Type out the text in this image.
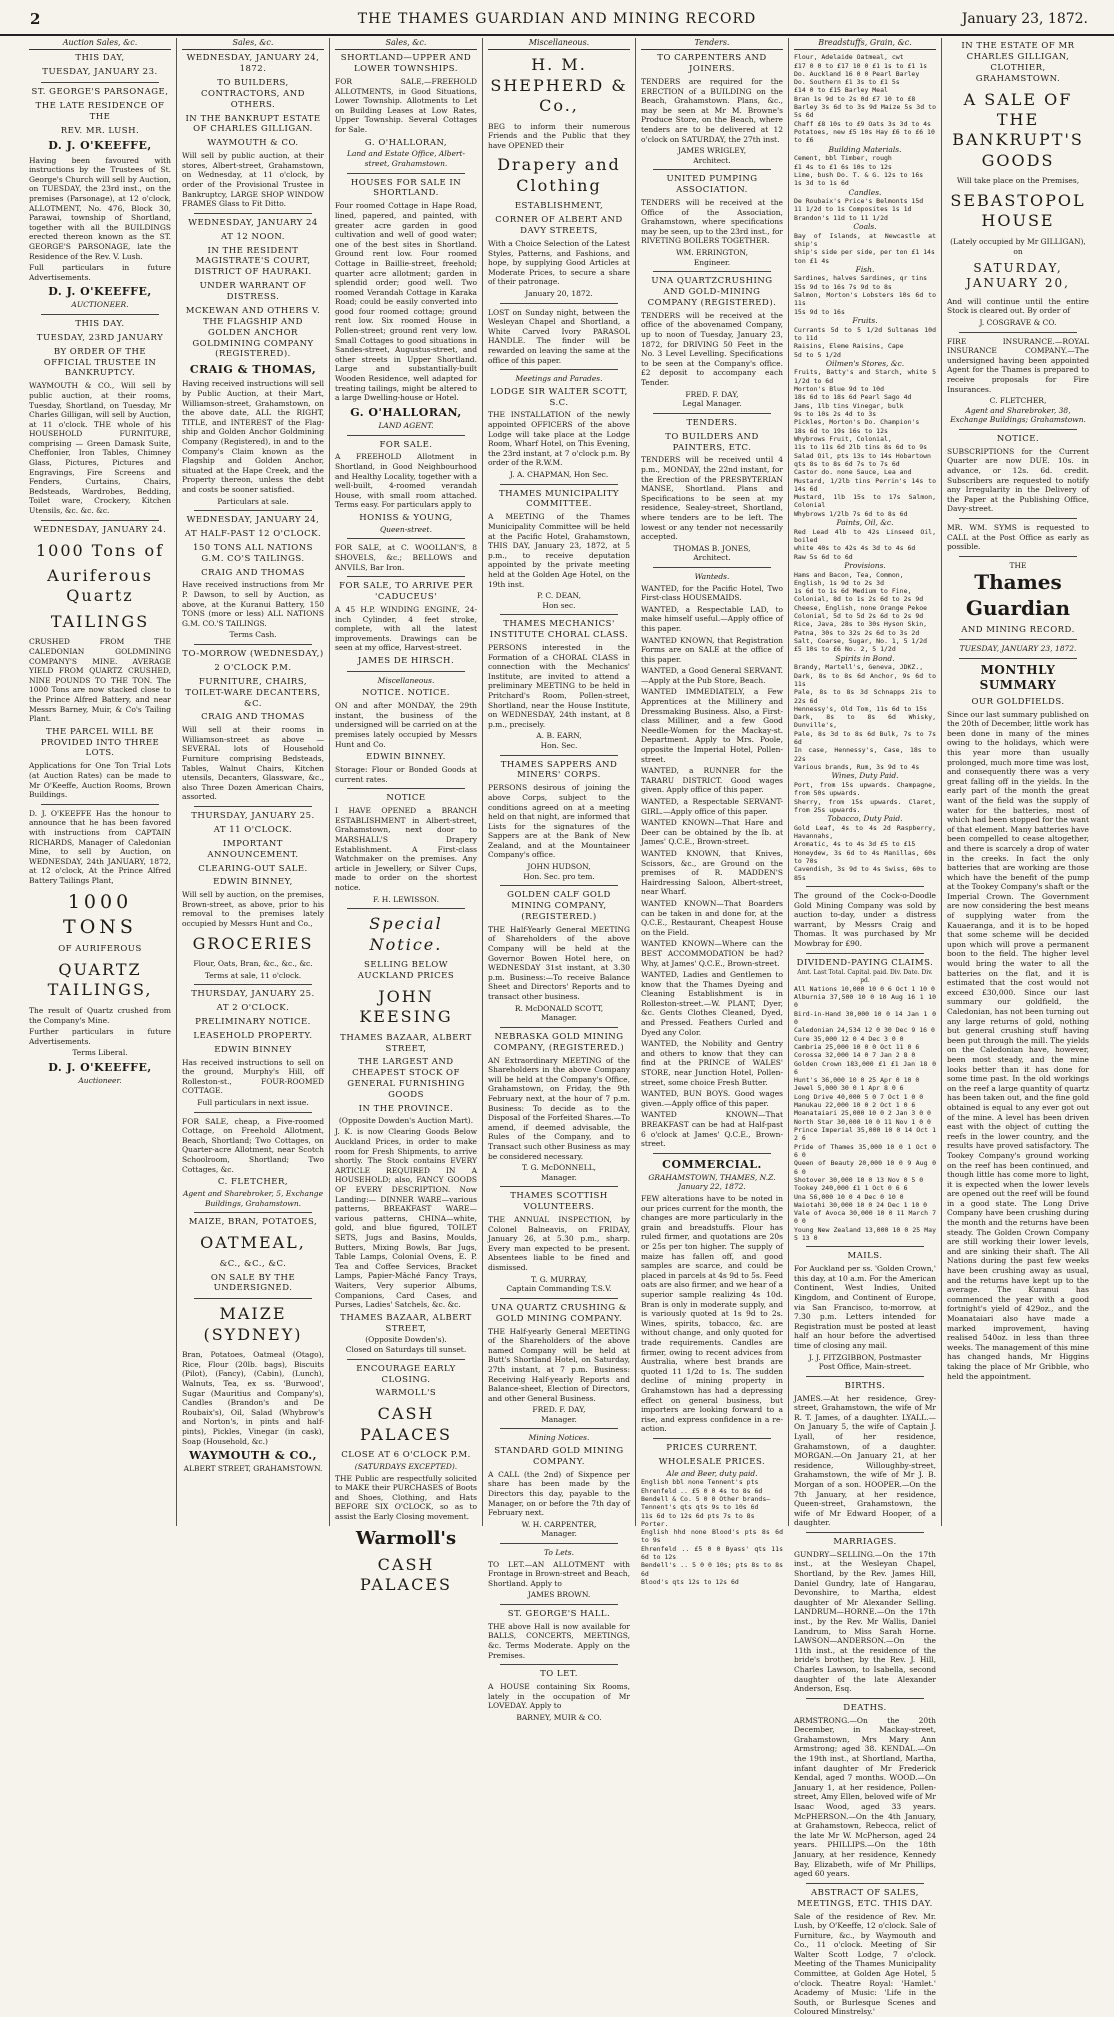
2	THE THAMES GUARDIAN AND MINING RECORD	January 23, 1872.
Auction Sales, &c.
THIS DAY,
TUESDAY, JANUARY 23.
ST. GEORGE'S PARSONAGE,
THE LATE RESIDENCE OF THE
REV. MR. LUSH.
D. J. O'KEEFFE,

Having been favoured with instructions by the Trustees of St. George's Church will sell by Auction, on TUESDAY, the 23rd inst., on the premises (Parsonage), at 12 o'clock, ALLOTMENT, No. 476, Block 30, Parawai, township of Shortland, together with all the BUILDINGS erected thereon known as the ST. GEORGE'S PARSONAGE, late the Residence of the Rev. V. Lush.

Full particulars in future Advertisements.

D. J. O'KEEFFE,
AUCTIONEER.
THIS DAY.
TUESDAY, 23RD JANUARY
BY ORDER OF THE OFFICIAL TRUSTEE IN BANKRUPTCY.

WAYMOUTH & CO., Will sell by public auction, at their rooms, Tuesday, Shortland, on Tuesday, Mr Charles Gilligan, will sell by Auction, at 11 o'clock. THE whole of his HOUSEHOLD FURNITURE, comprising — Green Damask Suite, Cheffonier, Iron Tables, Chimney Glass, Pictures, Pictures and Engravings, Fire Screens and Fenders, Curtains, Chairs, Bedsteads, Wardrobes, Bedding, Toilet ware, Crockery, Kitchen Utensils, &c. &c. &c.

WEDNESDAY, JANUARY 24.
1000 Tons of
Auriferous Quartz
TAILINGS

CRUSHED FROM THE CALEDONIAN GOLDMINING COMPANY'S MINE. AVERAGE YIELD FROM QUARTZ CRUSHED, NINE POUNDS TO THE TON. The 1000 Tons are now stacked close to the Prince Alfred Battery, and near Messrs Barney, Muir, & Co's Tailing Plant.

THE PARCEL WILL BE PROVIDED INTO THREE LOTS.

Applications for One Ton Trial Lots (at Auction Rates) can be made to Mr O'Keeffe, Auction Rooms, Brown Buildings.

D. J. O'KEEFFE Has the honour to announce that he has been favored with instructions from CAPTAIN RICHARDS, Manager of Caledonian Mine, to sell by Auction, on WEDNESDAY, 24th JANUARY, 1872, at 12 o'clock, At the Prince Alfred Battery Tailings Plant,

1000 TONS
OF AURIFEROUS
QUARTZ TAILINGS,

The result of Quartz crushed from the Company's Mine.

Further particulars in future Advertisements.

Terms Liberal.
D. J. O'KEEFFE,
Auctioneer.
Sales, &c.
WEDNESDAY, JANUARY 24, 1872.
TO BUILDERS, CONTRACTORS, AND OTHERS.
IN THE BANKRUPT ESTATE OF CHARLES GILLIGAN.
WAYMOUTH & CO.

Will sell by public auction, at their stores, Albert-street, Grahamstown, on Wednesday, at 11 o'clock, by order of the Provisional Trustee in Bankruptcy, LARGE SHOP WINDOW FRAMES Glass to Fit Ditto.

WEDNESDAY, JANUARY 24
AT 12 NOON.
IN THE RESIDENT MAGISTRATE'S COURT, DISTRICT OF HAURAKI.
UNDER WARRANT OF DISTRESS.
MCKEWAN AND OTHERS V. THE FLAGSHIP AND GOLDEN ANCHOR GOLDMINING COMPANY (REGISTERED).
CRAIG & THOMAS,

Having received instructions will sell by Public Auction, at their Mart, Williamson-street, Grahamstown, on the above date, ALL the RIGHT, TITLE, and INTEREST of the Flag-ship and Golden Anchor Goldmining Company (Registered), in and to the Company's Claim known as the Flagship and Golden Anchor, situated at the Hape Creek, and the Property thereon, unless the debt and costs be sooner satisfied.

Particulars at sale.
WEDNESDAY, JANUARY 24,
AT HALF-PAST 12 O'CLOCK.
150 TONS ALL NATIONS G.M. CO'S TAILINGS.
CRAIG AND THOMAS

Have received instructions from Mr P. Dawson, to sell by Auction, as above, at the Kuranui Battery, 150 TONS (more or less) ALL NATIONS G.M. CO.'S TAILINGS.

Terms Cash.
TO-MORROW (WEDNESDAY,)
2 O'CLOCK P.M.
FURNITURE, CHAIRS, TOILET-WARE DECANTERS, &C.
CRAIG AND THOMAS

Will sell at their rooms in Williamson-street as above — SEVERAL lots of Household Furniture comprising Bedsteads, Tables, Walnut Chairs, Kitchen utensils, Decanters, Glassware, &c., also Three Dozen American Chairs, assorted.

THURSDAY, JANUARY 25.
AT 11 O'CLOCK.
IMPORTANT ANNOUNCEMENT.
CLEARING-OUT SALE.
EDWIN BINNEY,

Will sell by auction, on the premises, Brown-street, as above, prior to his removal to the premises lately occupied by Messrs Hunt and Co.,

GROCERIES

Flour, Oats, Bran, &c., &c., &c.

Terms at sale, 11 o'clock.
THURSDAY, JANUARY 25.
AT 2 O'CLOCK.
PRELIMINARY NOTICE.
LEASEHOLD PROPERTY.
EDWIN BINNEY

Has received instructions to sell on the ground, Murphy's Hill, off Rolleston-st., FOUR-ROOMED COTTAGE.

Full particulars in next issue.

FOR SALE, cheap, a Five-roomed Cottage, on Freehold Allotment, Beach, Shortland; Two Cottages, on Quarter-acre Allotment, near Scotch Schoolroom, Shortland; Two Cottages, &c.

C. FLETCHER,
Agent and Sharebroker, 5, Exchange Buildings, Grahamstown.
MAIZE, BRAN, POTATOES,
OATMEAL,
&C., &C., &C.
ON SALE BY THE UNDERSIGNED.
MAIZE (SYDNEY)

Bran, Potatoes, Oatmeal (Otago), Rice, Flour (20lb. bags), Biscuits (Pilot), (Fancy), (Cabin), (Lunch), Walnuts, Tea, ex ss. 'Burwood', Sugar (Mauritius and Company's), Candles (Brandon's and De Roubaix's), Oil, Salad (Whybrow's and Norton's, in pints and half-pints), Pickles, Vinegar (in cask), Soap (Household, &c.)

WAYMOUTH & CO.,
ALBERT STREET, GRAHAMSTOWN.
Sales, &c.
SHORTLAND—UPPER AND LOWER TOWNSHIPS.

FOR SALE,—FREEHOLD ALLOTMENTS, in Good Situations, Lower Township. Allotments to Let on Building Leases at Low Rates, Upper Township. Several Cottages for Sale.

G. O'HALLORAN,
Land and Estate Office, Albert-street, Grahamstown.
HOUSES FOR SALE IN SHORTLAND.

Four roomed Cottage in Hape Road, lined, papered, and painted, with greater acre garden in good cultivation and well of good water; one of the best sites in Shortland. Ground rent low. Four roomed Cottage in Baillie-street, freehold; quarter acre allotment; garden in splendid order; good well. Two roomed Verandah Cottage in Karaka Road; could be easily converted into good four roomed cottage; ground rent low. Six roomed House in Pollen-street; ground rent very low. Small Cottages to good situations in Sandes-street, Augustus-street, and other streets in Upper Shortland. Large and substantially-built Wooden Residence, well adapted for treating tailings, might be altered to a large Dwelling-house or Hotel.

G. O'HALLORAN,
LAND AGENT.
FOR SALE.

A FREEHOLD Allotment in Shortland, in Good Neighbourhood and Healthy Locality, together with a well-built, 4-roomed verandah House, with small room attached. Terms easy. For particulars apply to

HONISS & YOUNG,
Queen-street.

FOR SALE, at C. WOOLLAN'S, 8 SHOVELS, &c.; BELLOWS and ANVILS, Bar Iron.

FOR SALE, TO ARRIVE PER 'CADUCEUS'

A 45 H.P. WINDING ENGINE, 24-inch Cylinder, 4 feet stroke, complete, with all the latest improvements. Drawings can be seen at my office, Harvest-street.

JAMES DE HIRSCH.
Miscellaneous.
NOTICE. NOTICE.

ON and after MONDAY, the 29th instant, the business of the undersigned will be carried on at the premises lately occupied by Messrs Hunt and Co.

EDWIN BINNEY.

Storage: Flour or Bonded Goods at current rates.

NOTICE

I HAVE OPENED a BRANCH ESTABLISHMENT in Albert-street, Grahamstown, next door to MARSHALL'S Drapery Establishment. A First-class Watchmaker on the premises. Any article in Jewellery, or Silver Cups, made to order on the shortest notice.

F. H. LEWISSON.
Special Notice.
SELLING BELOW AUCKLAND PRICES
JOHN KEESING
THAMES BAZAAR, ALBERT STREET,
THE LARGEST AND CHEAPEST STOCK OF GENERAL FURNISHING GOODS
IN THE PROVINCE.
(Opposite Dowden's Auction Mart).

J. K. is now Clearing Goods Below Auckland Prices, in order to make room for Fresh Shipments, to arrive shortly. The Stock contains EVERY ARTICLE REQUIRED IN A HOUSEHOLD; also, FANCY GOODS OF EVERY DESCRIPTION. Now Landing:— DINNER WARE—various patterns, BREAKFAST WARE—various patterns, CHINA—white, gold, and blue figured, TOILET SETS, Jugs and Basins, Moulds, Butters, Mixing Bowls, Bar Jugs, Table Lamps, Colonial Ovens, E. P. Tea and Coffee Services, Bracket Lamps, Papier-Mâché Fancy Trays, Waiters, Very superior Albums, Companions, Card Cases, and Purses, Ladies' Satchels, &c. &c.

THAMES BAZAAR, ALBERT STREET,
(Opposite Dowden's).
Closed on Saturdays till sunset.
ENCOURAGE EARLY CLOSING.
WARMOLL'S
CASH PALACES
CLOSE AT 6 O'CLOCK P.M.
(SATURDAYS EXCEPTED).

THE Public are respectfully solicited to MAKE their PURCHASES of Boots and Shoes, Clothing, and Hats BEFORE SIX O'CLOCK, so as to assist the Early Closing movement.

Warmoll's
CASH PALACES
Miscellaneous.
H. M. SHEPHERD & Co.,

BEG to inform their numerous Friends and the Public that they have OPENED their

Drapery and Clothing
ESTABLISHMENT,
CORNER OF ALBERT AND DAVY STREETS,

With a Choice Selection of the Latest Styles, Patterns, and Fashions, and hope, by supplying Good Articles at Moderate Prices, to secure a share of their patronage.

January 20, 1872.

LOST on Sunday night, between the Wesleyan Chapel and Shortland, a White Carved Ivory PARASOL HANDLE. The finder will be rewarded on leaving the same at the office of this paper.

Meetings and Parades.
LODGE SIR WALTER SCOTT, S.C.

THE INSTALLATION of the newly appointed OFFICERS of the above Lodge will take place at the Lodge Room, Wharf Hotel, on This Evening, the 23rd instant, at 7 o'clock p.m. By order of the R.W.M.

J. A. CHAPMAN, Hon Sec.
THAMES MUNICIPALITY COMMITTEE.

A MEETING of the Thames Municipality Committee will be held at the Pacific Hotel, Grahamstown, THIS DAY, January 23, 1872, at 5 p.m., to receive deputation appointed by the private meeting held at the Golden Age Hotel, on the 19th inst.

P. C. DEAN,
Hon sec.
THAMES MECHANICS' INSTITUTE CHORAL CLASS.

PERSONS interested in the Formation of a CHORAL CLASS in connection with the Mechanics' Institute, are invited to attend a preliminary MEETING to be held in Pritchard's Room, Pollen-street, Shortland, near the House Institute, on WEDNESDAY, 24th instant, at 8 p.m., precisely.

A. B. EARN,
Hon. Sec.
THAMES SAPPERS AND MINERS' CORPS.

PERSONS desirous of joining the above Corps, subject to the conditions agreed on at a meeting held on that night, are informed that Lists for the signatures of the Sappers are at the Bank of New Zealand, and at the Mountaineer Company's office.

JOHN HUDSON,
Hon. Sec. pro tem.
GOLDEN CALF GOLD MINING COMPANY, (REGISTERED.)

THE Half-Yearly General MEETING of Shareholders of the above Company will be held at the Governor Bowen Hotel here, on WEDNESDAY 31st instant, at 3.30 p.m. Business:—To receive Balance Sheet and Directors' Reports and to transact other business.

R. McDONALD SCOTT,
Manager.
NEBRASKA GOLD MINING COMPANY, (REGISTERED.)

AN Extraordinary MEETING of the Shareholders in the above Company will be held at the Company's Office, Grahamstown, on Friday, the 9th February next, at the hour of 7 p.m. Business: To decide as to the Disposal of the Forfeited Shares.—To amend, if deemed advisable, the Rules of the Company, and to Transact such other Business as may be considered necessary.

T. G. McDONNELL,
Manager.
THAMES SCOTTISH VOLUNTEERS.

THE ANNUAL INSPECTION, by Colonel Balneavis, on FRIDAY, January 26, at 5.30 p.m., sharp. Every man expected to be present. Absentees liable to be fined and dismissed.

T. G. MURRAY,
Captain Commanding T.S.V.
UNA QUARTZ CRUSHING & GOLD MINING COMPANY.

THE Half-yearly General MEETING of the Shareholders of the above named Company will be held at Butt's Shortland Hotel, on Saturday, 27th instant, at 7 p.m. Business: Receiving Half-yearly Reports and Balance-sheet, Election of Directors, and other General Business.

FRED. F. DAY,
Manager.
Mining Notices.
STANDARD GOLD MINING COMPANY.

A CALL (the 2nd) of Sixpence per share has been made by the Directors this day, payable to the Manager, on or before the 7th day of February next.

W. H. CARPENTER,
Manager.
To Lets.

TO LET.—AN ALLOTMENT with Frontage in Brown-street and Beach, Shortland. Apply to

JAMES BROWN.
ST. GEORGE'S HALL.

THE above Hall is now available for BALLS, CONCERTS, MEETINGS, &c. Terms Moderate. Apply on the Premises.

TO LET.

A HOUSE containing Six Rooms, lately in the occupation of Mr LOVEDAY. Apply to

BARNEY, MUIR & CO.
Tenders.
TO CARPENTERS AND JOINERS.

TENDERS are required for the ERECTION of a BUILDING on the Beach, Grahamstown. Plans, &c., may be seen at Mr M. Browne's Produce Store, on the Beach, where tenders are to be delivered at 12 o'clock on SATURDAY, the 27th inst.

JAMES WRIGLEY,
Architect.
UNITED PUMPING ASSOCIATION.

TENDERS will be received at the Office of the Association, Grahamstown, where specifications may be seen, up to the 23rd inst., for RIVETING BOILERS TOGETHER.

WM. ERRINGTON,
Engineer.
UNA QUARTZCRUSHING AND GOLD-MINING COMPANY (REGISTERED).

TENDERS will be received at the office of the abovenamed Company, up to noon of Tuesday, January 23, 1872, for DRIVING 50 Feet in the No. 3 Level Levelling. Specifications to be seen at the Company's office. £2 deposit to accompany each Tender.

FRED. F. DAY,
Legal Manager.
TENDERS.
TO BUILDERS AND PAINTERS, ETC.

TENDERS will be received until 4 p.m., MONDAY, the 22nd instant, for the Erection of the PRESBYTERIAN MANSE, Shortland. Plans and Specifications to be seen at my residence, Sealey-street, Shortland, where tenders are to be left. The lowest or any tender not necessarily accepted.

THOMAS B. JONES,
Architect.
Wanteds.

WANTED, for the Pacific Hotel, Two First-class HOUSEMAIDS.

WANTED, a Respectable LAD, to make himself useful.—Apply office of this paper.

WANTED KNOWN, that Registration Forms are on SALE at the office of this paper.

WANTED, a Good General SERVANT.—Apply at the Pub Store, Beach.

WANTED IMMEDIATELY, a Few Apprentices at the Millinery and Dressmaking Business. Also, a First-class Milliner, and a few Good Needle-Women for the Mackay-st. Department. Apply to Mrs. Poole, opposite the Imperial Hotel, Pollen-street.

WANTED, a RUNNER for the TARARU DISTRICT. Good wages given. Apply office of this paper.

WANTED, a Respectable SERVANT-GIRL.—Apply office of this paper.

WANTED KNOWN—That Hare and Deer can be obtained by the lb. at James' Q.C.E., Brown-street.

WANTED KNOWN, that Knives, Scissors, &c., are Ground on the premises of R. MADDEN'S Hairdressing Saloon, Albert-street, near Wharf.

WANTED KNOWN—That Boarders can be taken in and done for, at the Q.C.E., Restaurant, Cheapest House on the Field.

WANTED KNOWN—Where can the BEST ACCOMMODATION be had? Why, at James' Q.C.E., Brown-street.

WANTED, Ladies and Gentlemen to know that the Thames Dyeing and Cleaning Establishment is in Rolleston-street.—W. PLANT, Dyer, &c. Gents Clothes Cleaned, Dyed, and Pressed. Feathers Curled and Dyed any Color.

WANTED, the Nobility and Gentry and others to know that they can find at the PRINCE of WALES' STORE, near Junction Hotel, Pollen-street, some choice Fresh Butter.

WANTED, BUN BOYS. Good wages given.—Apply office of this paper.

WANTED KNOWN—That BREAKFAST can be had at Half-past 6 o'clock at James' Q.C.E., Brown-street.

COMMERCIAL.
GRAHAMSTOWN, THAMES, N.Z. January 22, 1872.

FEW alterations have to be noted in our prices current for the month, the changes are more particularly in the grain and breadstuffs. Flour has ruled firmer, and quotations are 20s or 25s per ton higher. The supply of maize has fallen off, and good samples are scarce, and could be placed in parcels at 4s 9d to 5s. Feed oats are also firmer, and we hear of a superior sample realizing 4s 10d. Bran is only in moderate supply, and is variously quoted at 1s 9d to 2s. Wines, spirits, tobacco, &c. are without change, and only quoted for trade requirements. Candles are firmer, owing to recent advices from Australia, where best brands are quoted 11 1/2d to 1s. The sudden decline of mining property in Grahamstown has had a depressing effect on general business, but importers are looking forward to a rise, and express confidence in a re-action.

PRICES CURRENT.
WHOLESALE PRICES.
Ale and Beer, duty paid.
English bbl none Tennent's pts
Ehrenfeld .. £5 0 0 4s to 8s 6d
Bendell & Co. 5 0 0 Other brands—
Tennent's qts qts 9s to 10s 6d
11s 6d to 12s 6d pts 7s to 8s
Porter.
English hhd none Blood's pts 8s 6d to 9s
Ehrenfeld .. £5 0 0 Byass' qts 11s 6d to 12s
Bendell's .. 5 0 0 10s; pts 8s to 8s 6d
Blood's qts 12s to 12s 6d
Breadstuffs, Grain, &c.
Flour, Adelaide Oatmeal, cwt
£17 0 0 to £17 10 0 £1 1s to £1 1s
Do. Auckland 16 0 0 Pearl Barley
Do. Southern £1 3s to £1 5s
£14 0 to £15 Barley Meal
Bran 1s 9d to 2s 0d £7 10 to £8
Barley 3s 6d to 3s 9d Maize 5s 3d to 5s 6d
Chaff £8 10s to £9 Oats 3s 3d to 4s
Potatoes, new £5 10s Hay £6 to £6 10
to £6
Building Materials.
Cement, bbl Timber, rough
£1 4s to £1 6s 10s to 12s
Lime, bush Do. T. & G. 12s to 16s
1s 3d to 1s 6d
Candles.
De Roubaix's Price's Belmonts 15d
11 1/2d to 1s Composites 1s 1d
Brandon's 11d to 11 1/2d
Coals.
Bay of Islands, at Newcastle at ship's
ship's side per side, per ton £1 14s
ton £1 4s
Fish.
Sardines, halves Sardines, qr tins
15s 9d to 16s 7s 9d to 8s
Salmon, Morton's Lobsters 10s 6d to 11s
15s 9d to 16s
Fruits.
Currants 5d to 5 1/2d Sultanas 10d to 11d
Raisins, Eleme Raisins, Cape
5d to 5 1/2d
Oilmen's Stores, &c.
Fruits, Batty's and Starch, white 5 1/2d to 6d
Morton's Blue 9d to 10d
18s 6d to 18s 6d Pearl Sago 4d
Jams, 1lb tins Vinegar, bulk
9s to 10s 2s 4d to 3s
Pickles, Morton's Do. Champion's
18s 6d to 19s 16s to 12s
Whybrows Fruit, Colonial,
11s to 11s 6d 2lb tins 8s 6d to 9s
Salad Oil, pts 13s to 14s Hobartown
qts 8s to 8s 6d 7s to 7s 6d
Castor do. none Sauce, Lea and
Mustard, 1/2lb tins Perrin's 14s to 14s 6d
Mustard, 1lb 15s to 17s Salmon, Colonial
Whybrows 1/2lb 7s 6d to 8s 6d
Paints, Oil, &c.
Red Lead 4lb to 42s Linseed Oil, boiled
white 40s to 42s 4s 3d to 4s 6d
Raw 5s 6d to 6d
Provisions.
Hams and Bacon, Tea, Common,
English, 1s 9d to 2s 3d
1s 6d to 1s 6d Medium to Fine,
Colonial, 8d to 1s 2s 6d to 2s 9d
Cheese, English, none Orange Pekoe
Colonial, 5d to 5d 2s 6d to 2s 9d
Rice, Java, 28s to 30s Hyson Skin,
Patna, 30s to 32s 2s 6d to 3s 2d
Salt, Coarse, Sugar, No. 1, 5 1/2d
£5 10s to £6 No. 2, 5 1/2d
Spirits in Bond.
Brandy, Martell's, Geneva, JDKZ.,
Dark, 8s to 8s 6d Anchor, 9s 6d to 11s
Pale, 8s to 8s 3d Schnapps 21s to 22s 6d
Hennessy's, Old Tom, 11s 6d to 15s
Dark, 8s to 8s 6d Whisky, Dunville's,
Pale, 8s 3d to 8s 6d Bulk, 7s to 7s 6d
In case, Hennessy's, Case, 18s to 22s
Various brands, Rum, 3s 9d to 4s
Wines, Duty Paid.
Port, from 15s upwards. Champagne, from 50s upwards.
Sherry, from 15s upwards. Claret, from 25s upwards.
Tobacco, Duty Paid.
Gold Leaf, 4s to 4s 2d Raspberry, Havannahs,
Aromatic, 4s to 4s 3d £5 to £15
Honeydew, 3s 6d to 4s Manillas, 60s to 70s
Cavendish, 3s 9d to 4s Swiss, 60s to 85s

The ground of the Cock-o-Doodle Gold Mining Company was sold by auction to-day, under a distress warrant, by Messrs Craig and Thomas. It was purchased by Mr Mowbray for £90.

DIVIDEND-PAYING CLAIMS.
Amt. Last Total. Capital. paid. Div. Date. Div. pd.
All Nations 10,000 10 0 6 Oct 1 10 0
Alburnia 37,500 10 0 10 Aug 16 1 10 0
Bird-in-Hand 30,000 10 0 14 Jan 1 0 0
Caledonian 24,534 12 0 30 Dec 9 16 0
Cure 35,000 12 0 4 Dec 3 0 0
Cambria 25,000 10 0 0 Oct 11 0 6
Corossa 32,000 14 0 7 Jan 2 8 0
Golden Crown 183,000 £1 £1 Jan 18 0 6
Hunt's 36,000 10 0 25 Apr 0 10 0
Jewel 5,000 30 0 1 Apr 8 0 6
Long Drive 40,000 5 0 7 Oct 1 0 0
Manukau 22,000 10 0 2 Oct 1 0 6
Moanataiari 25,000 10 0 2 Jan 3 0 0
North Star 30,000 10 0 11 Nov 1 0 0
Prince Imperial 35,000 10 0 14 Oct 1 2 6
Pride of Thames 35,000 10 0 1 Oct 0 6 0
Queen of Beauty 20,000 10 0 9 Aug 0 6 0
Shotover 30,000 10 0 13 Nov 0 5 0
Tookey 240,000 £1 1 Oct 0 6 6
Una 56,000 10 0 4 Dec 0 10 0
Waiotahi 30,000 10 0 24 Dec 1 10 0
Vale of Avoca 30,000 10 0 11 March 7 0 0
Young New Zealand 13,000 10 0 25 May 5 13 0
MAILS.

For Auckland per ss. 'Golden Crown,' this day, at 10 a.m. For the American Continent, West Indies, United Kingdom, and Continent of Europe, via San Francisco, to-morrow, at 7.30 p.m. Letters intended for Registration must be posted at least half an hour before the advertised time of closing any mail.

J. J. FITZGIBBON, Postmaster
Post Office, Main-street.
BIRTHS.

JAMES.—At her residence, Grey-street, Grahamstown, the wife of Mr R. T. James, of a daughter. LYALL.—On January 5, the wife of Captain J. Lyall, of her residence, Grahamstown, of a daughter. MORGAN.—On January 21, at her residence, Willoughby-street, Grahamstown, the wife of Mr J. B. Morgan of a son. HOOPER.—On the 7th January, at her residence, Queen-street, Grahamstown, the wife of Mr Edward Hooper, of a daughter.

MARRIAGES.

GUNDRY—SELLING.—On the 17th inst., at the Wesleyan Chapel, Shortland, by the Rev. James Hill, Daniel Gundry, late of Hangarau, Devonshire, to Martha, eldest daughter of Mr Alexander Selling. LANDRUM—HORNE.—On the 17th inst., by the Rev. Mr Wallis, Daniel Landrum, to Miss Sarah Horne. LAWSON—ANDERSON.—On the 11th inst., at the residence of the bride's brother, by the Rev. J. Hill, Charles Lawson, to Isabella, second daughter of the late Alexander Anderson, Esq.

DEATHS.

ARMSTRONG.—On the 20th December, in Mackay-street, Grahamstown, Mrs Mary Ann Armstrong; aged 38. KENDAL.—On the 19th inst., at Shortland, Martha, infant daughter of Mr Frederick Kendal, aged 7 months. WOOD.—On January 1, at her residence, Pollen-street, Amy Ellen, beloved wife of Mr Isaac Wood, aged 33 years. McPHERSON.—On the 4th January, at Grahamstown, Rebecca, relict of the late Mr W. McPherson, aged 24 years. PHILLIPS.—On the 18th January, at her residence, Kennedy Bay, Elizabeth, wife of Mr Phillips, aged 60 years.

ABSTRACT OF SALES, MEETINGS, ETC. THIS DAY.

Sale of the residence of Rev. Mr. Lush, by O'Keeffe, 12 o'clock. Sale of Furniture, &c., by Waymouth and Co., 11 o'clock. Meeting of Sir Walter Scott Lodge, 7 o'clock. Meeting of the Thames Municipality Committee, at Golden Age Hotel, 5 o'clock. Theatre Royal: 'Hamlet.' Academy of Music: 'Life in the South, or Burlesque Scenes and Coloured Minstrelsy.'

IN THE ESTATE OF MR CHARLES GILLIGAN, CLOTHIER, GRAHAMSTOWN.
A SALE OF THE BANKRUPT'S GOODS

Will take place on the Premises,

SEBASTOPOL HOUSE
(Lately occupied by Mr GILLIGAN), on
SATURDAY, JANUARY 20,

And will continue until the entire Stock is cleared out. By order of

J. COSGRAVE & CO.

FIRE INSURANCE.—ROYAL INSURANCE COMPANY.—The undersigned having been appointed Agent for the Thames is prepared to receive proposals for Fire Insurances.

C. FLETCHER,
Agent and Sharebroker, 38, Exchange Buildings; Grahamstown.
NOTICE.

SUBSCRIPTIONS for the Current Quarter are now DUE. 10s. in advance, or 12s. 6d. credit. Subscribers are requested to notify any Irregularity in the Delivery of the Paper at the Publishing Office, Davy-street.

MR. WM. SYMS is requested to CALL at the Post Office as early as possible.

THE
Thames Guardian
AND MINING RECORD.
TUESDAY, JANUARY 23, 1872.
MONTHLY SUMMARY
OUR GOLDFIELDS.

Since our last summary published on the 20th of December, little work has been done in many of the mines owing to the holidays, which were this year more than usually prolonged, much more time was lost, and consequently there was a very great falling off in the yields. In the early part of the month the great want of the field was the supply of water for the batteries, most of which had been stopped for the want of that element. Many batteries have been compelled to cease altogether, and there is scarcely a drop of water in the creeks. In fact the only batteries that are working are those which have the benefit of the pump at the Tookey Company's shaft or the Imperial Crown. The Government are now considering the best means of supplying water from the Kauaeranga, and it is to be hoped that some scheme will be decided upon which will prove a permanent boon to the field. The higher level would bring the water to all the batteries on the flat, and it is estimated that the cost would not exceed £30,000. Since our last summary our goldfield, the Caledonian, has not been turning out any large returns of gold, nothing but general crushing stuff having been put through the mill. The yields on the Caledonian have, however, been most steady, and the mine looks better than it has done for some time past. In the old workings on the reef a large quantity of quartz has been taken out, and the fine gold obtained is equal to any ever got out of the mine. A level has been driven east with the object of cutting the reefs in the lower country, and the results have proved satisfactory. The Tookey Company's ground working on the reef has been continued, and though little has come more to light, it is expected when the lower levels are opened out the reef will be found in a good state. The Long Drive Company have been crushing during the month and the returns have been steady. The Golden Crown Company are still working their lower levels, and are sinking their shaft. The All Nations during the past few weeks have been crushing away as usual, and the returns have kept up to the average. The Kuranui has commenced the year with a good fortnight's yield of 429oz., and the Moanataiari also have made a marked improvement, having realised 540oz. in less than three weeks. The management of this mine has changed hands, Mr Higgins taking the place of Mr Gribble, who held the appointment.
